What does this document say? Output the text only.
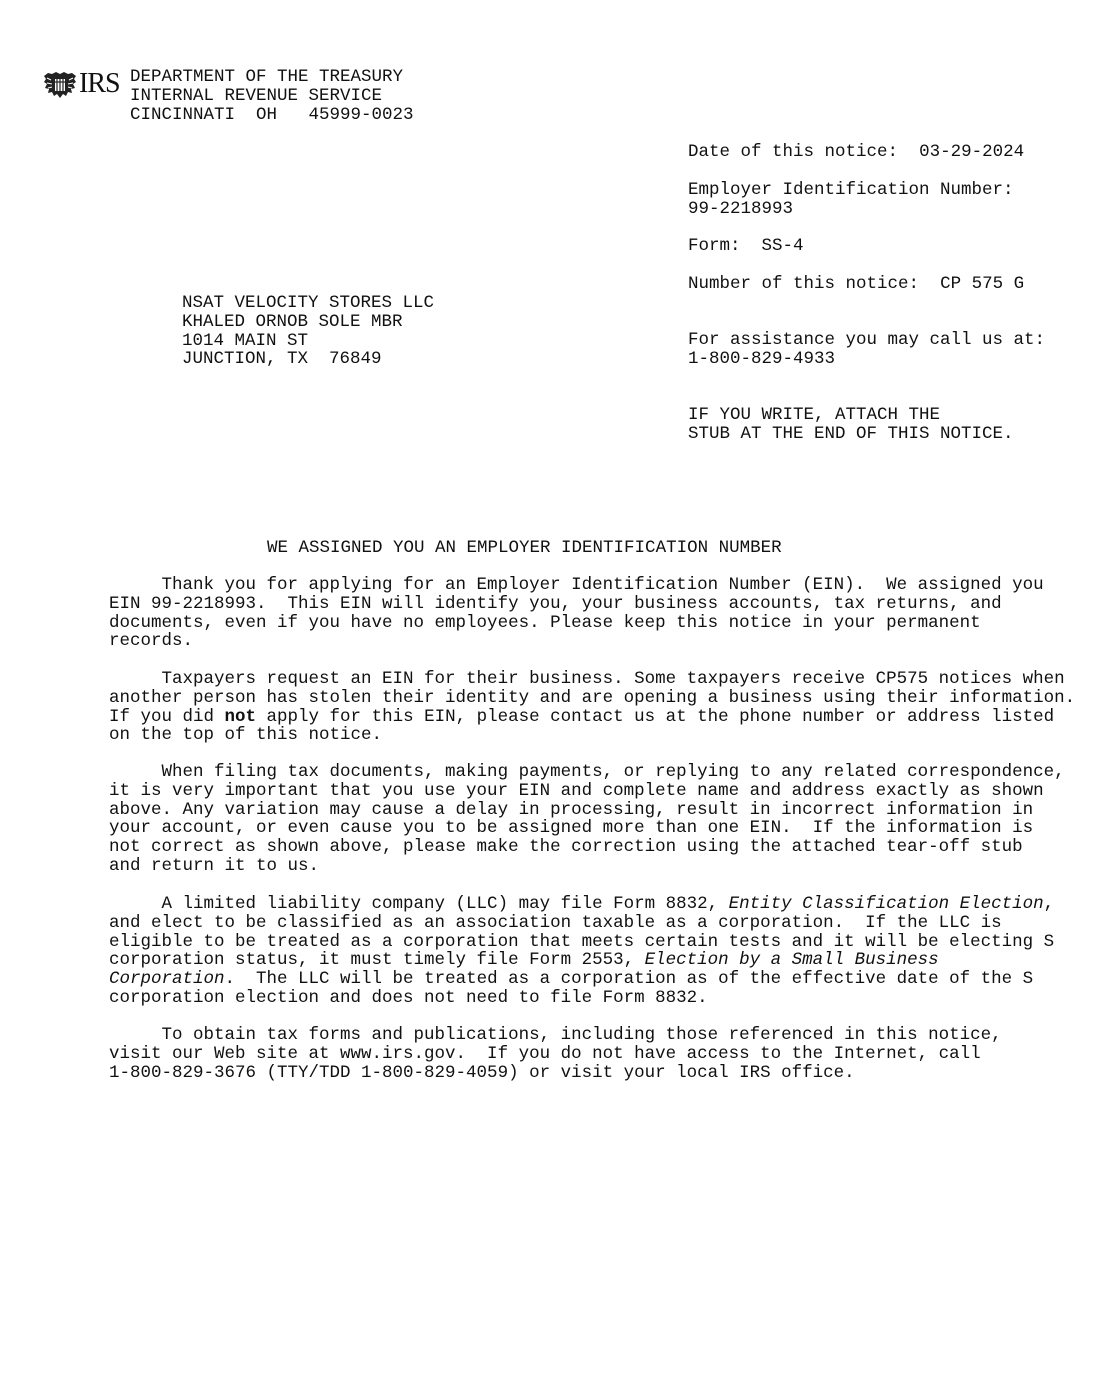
IRS DEPARTMENT OF THE TREASURY
INTERNAL REVENUE SERVICE
CINCINNATI  OH   45999-0023
Date of this notice: 03-29-2024
Employer Identification Number:
99-2218993
Form: SS-4
Number of this notice: CP 575 G
For assistance you may call us at:
1-800-829-4933
IF YOU WRITE, ATTACH THE
STUB AT THE END OF THIS NOTICE.
NSAT VELOCITY STORES LLC
KHALED ORNOB SOLE MBR
1014 MAIN ST
JUNCTION, TX  76849
WE ASSIGNED YOU AN EMPLOYER IDENTIFICATION NUMBER
Thank you for applying for an Employer Identification Number (EIN).  We assigned you
EIN 99-2218993.  This EIN will identify you, your business accounts, tax returns, and
documents, even if you have no employees. Please keep this notice in your permanent
records.
Taxpayers request an EIN for their business. Some taxpayers receive CP575 notices when
another person has stolen their identity and are opening a business using their information.
If you did not apply for this EIN, please contact us at the phone number or address listed
on the top of this notice.
When filing tax documents, making payments, or replying to any related correspondence,
it is very important that you use your EIN and complete name and address exactly as shown
above. Any variation may cause a delay in processing, result in incorrect information in
your account, or even cause you to be assigned more than one EIN.  If the information is
not correct as shown above, please make the correction using the attached tear-off stub
and return it to us.
A limited liability company (LLC) may file Form 8832, Entity Classification Election,
and elect to be classified as an association taxable as a corporation.  If the LLC is
eligible to be treated as a corporation that meets certain tests and it will be electing S
corporation status, it must timely file Form 2553, Election by a Small Business
Corporation.  The LLC will be treated as a corporation as of the effective date of the S
corporation election and does not need to file Form 8832.
To obtain tax forms and publications, including those referenced in this notice,
visit our Web site at www.irs.gov.  If you do not have access to the Internet, call
1-800-829-3676 (TTY/TDD 1-800-829-4059) or visit your local IRS office.
